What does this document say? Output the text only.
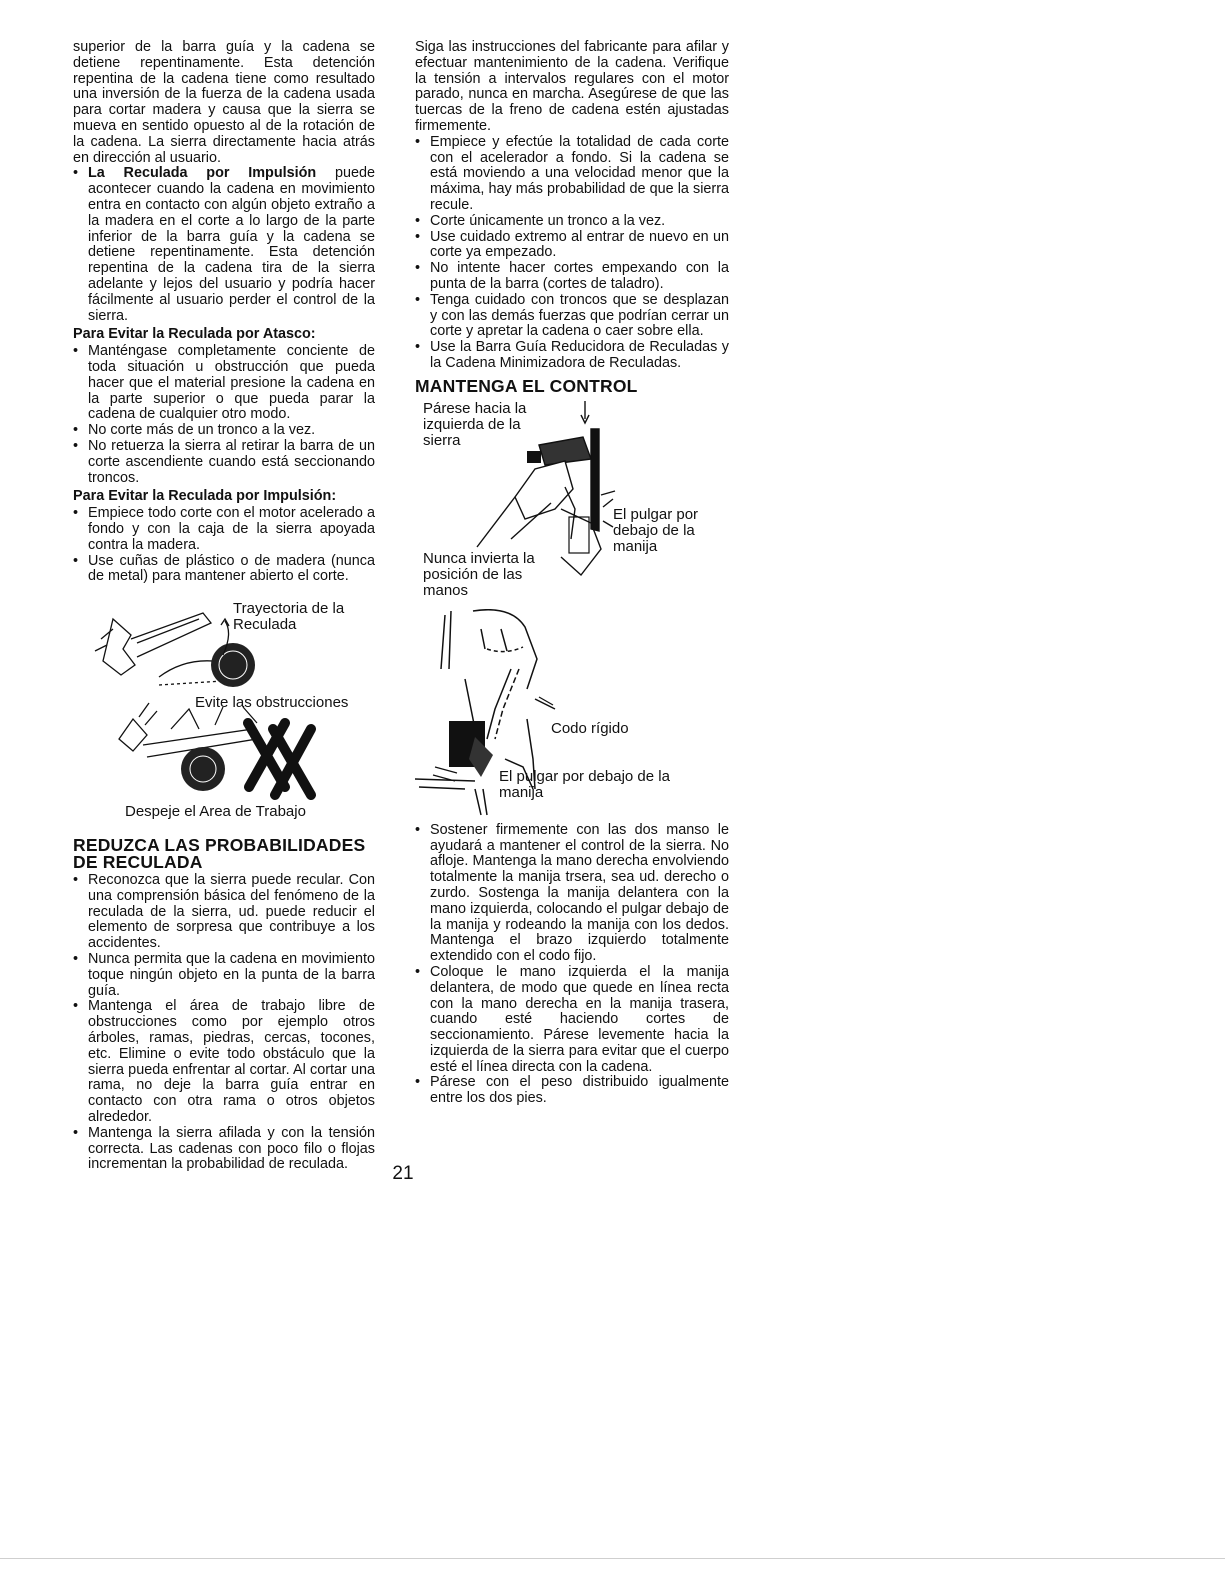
superior de la barra guía y la cadena se detiene repentinamente. Esta detención repentina de la cadena tiene como resultado una inversión de la fuerza de la cadena usada para cortar madera y causa que la sierra se mueva en sentido opuesto al de la rotación de la cadena. La sierra directamente hacia atrás en dirección al usuario.

• La Reculada por Impulsión puede acontecer cuando la cadena en movimiento entra en contacto con algún objeto extraño a la madera en el corte a lo largo de la parte inferior de la barra guía y la cadena se detiene repentinamente. Esta detención repentina de la cadena tira de la sierra adelante y lejos del usuario y podría hacer fácilmente al usuario perder el control de la sierra.
Para Evitar la Reculada por Atasco:
• Manténgase completamente conciente de toda situación u obstrucción que pueda hacer que el material presione la cadena en la parte superior o que pueda parar la cadena de cualquier otro modo.
• No corte más de un tronco a la vez.
• No retuerza la sierra al retirar la barra de un corte ascendiente cuando está seccionando troncos.
Para Evitar la Reculada por Impulsión:
• Empiece todo corte con el motor acelerado a fondo y con la caja de la sierra apoyada contra la madera.
• Use cuñas de plástico o de madera (nunca de metal) para mantener abierto el corte.
Trayectoria de la Reculada
Evite las obstrucciones
Despeje el Area de Trabajo
REDUZCA LAS PROBABILIDADES DE RECULADA
• Reconozca que la sierra puede recular. Con una comprensión básica del fenómeno de la reculada de la sierra, ud. puede reducir el elemento de sorpresa que contribuye a los accidentes.
• Nunca permita que la cadena en movimiento toque ningún objeto en la punta de la barra guía.
• Mantenga el área de trabajo libre de obstrucciones como por ejemplo otros árboles, ramas, piedras, cercas, tocones, etc. Elimine o evite todo obstáculo que la sierra pueda enfrentar al cortar. Al cortar una rama, no deje la barra guía entrar en contacto con otra rama o otros objetos alrededor.
• Mantenga la sierra afilada y con la tensión correcta. Las cadenas con poco filo o flojas incrementan la probabilidad de reculada.

Siga las instrucciones del fabricante para afilar y efectuar mantenimiento de la cadena. Verifique la tensión a intervalos regulares con el motor parado, nunca en marcha. Asegúrese de que las tuercas de la freno de cadena estén ajustadas firmemente.

• Empiece y efectúe la totalidad de cada corte con el acelerador a fondo. Si la cadena se está moviendo a una velocidad menor que la máxima, hay más probabilidad de que la sierra recule.
• Corte únicamente un tronco a la vez.
• Use cuidado extremo al entrar de nuevo en un corte ya empezado.
• No intente hacer cortes empexando con la punta de la barra (cortes de taladro).
• Tenga cuidado con troncos que se desplazan y con las demás fuerzas que podrían cerrar un corte y apretar la cadena o caer sobre ella.
• Use la Barra Guía Reducidora de Reculadas y la Cadena Minimizadora de Reculadas.
MANTENGA EL CONTROL
Párese hacia la izquierda de la sierra
El pulgar por debajo de la manija
Nunca invierta la posición de las manos
Codo rígido
El pulgar por debajo de la manija
• Sostener firmemente con las dos manso le ayudará a mantener el control de la sierra. No afloje. Mantenga la mano derecha envolviendo totalmente la manija trsera, sea ud. derecho o zurdo. Sostenga la manija delantera con la mano izquierda, colocando el pulgar debajo de la manija y rodeando la manija con los dedos. Mantenga el brazo izquierdo totalmente extendido con el codo fijo.
• Coloque le mano izquierda el la manija delantera, de modo que quede en línea recta con la mano derecha en la manija trasera, cuando esté haciendo cortes de seccionamiento. Párese levemente hacia la izquierda de la sierra para evitar que el cuerpo esté el línea directa con la cadena.
• Párese con el peso distribuido igualmente entre los dos pies.
21
